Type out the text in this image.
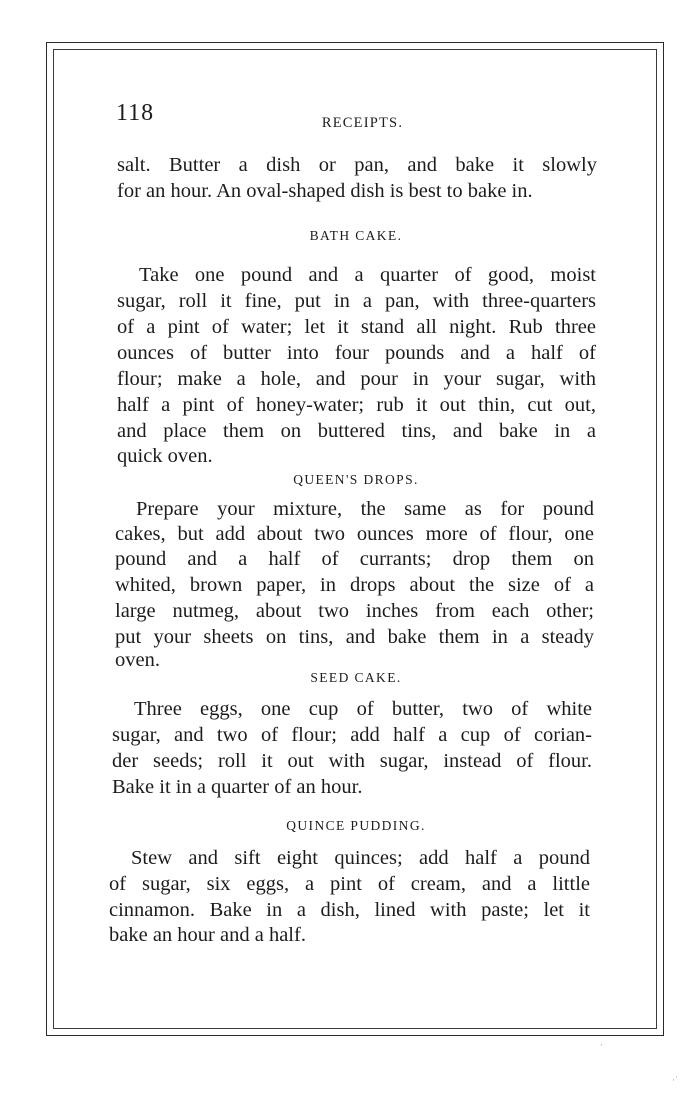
118	RECEIPTS.
salt. Butter a dish or pan, and bake it slowly
for an hour. An oval-shaped dish is best to bake in.
BATH CAKE.
Take one pound and a quarter of good, moist
sugar, roll it fine, put in a pan, with three-quarters
of a pint of water; let it stand all night. Rub three
ounces of butter into four pounds and a half of
flour; make a hole, and pour in your sugar, with
half a pint of honey-water; rub it out thin, cut out,
and place them on buttered tins, and bake in a
quick oven.
QUEEN'S DROPS.
Prepare your mixture, the same as for pound
cakes, but add about two ounces more of flour, one
pound and a half of currants; drop them on
whited, brown paper, in drops about the size of a
large nutmeg, about two inches from each other;
put your sheets on tins, and bake them in a steady
oven.
SEED CAKE.
Three eggs, one cup of butter, two of white
sugar, and two of flour; add half a cup of corian-
der seeds; roll it out with sugar, instead of flour.
Bake it in a quarter of an hour.
QUINCE PUDDING.
Stew and sift eight quinces; add half a pound
of sugar, six eggs, a pint of cream, and a little
cinnamon. Bake in a dish, lined with paste; let it
bake an hour and a half.
·
·˙
